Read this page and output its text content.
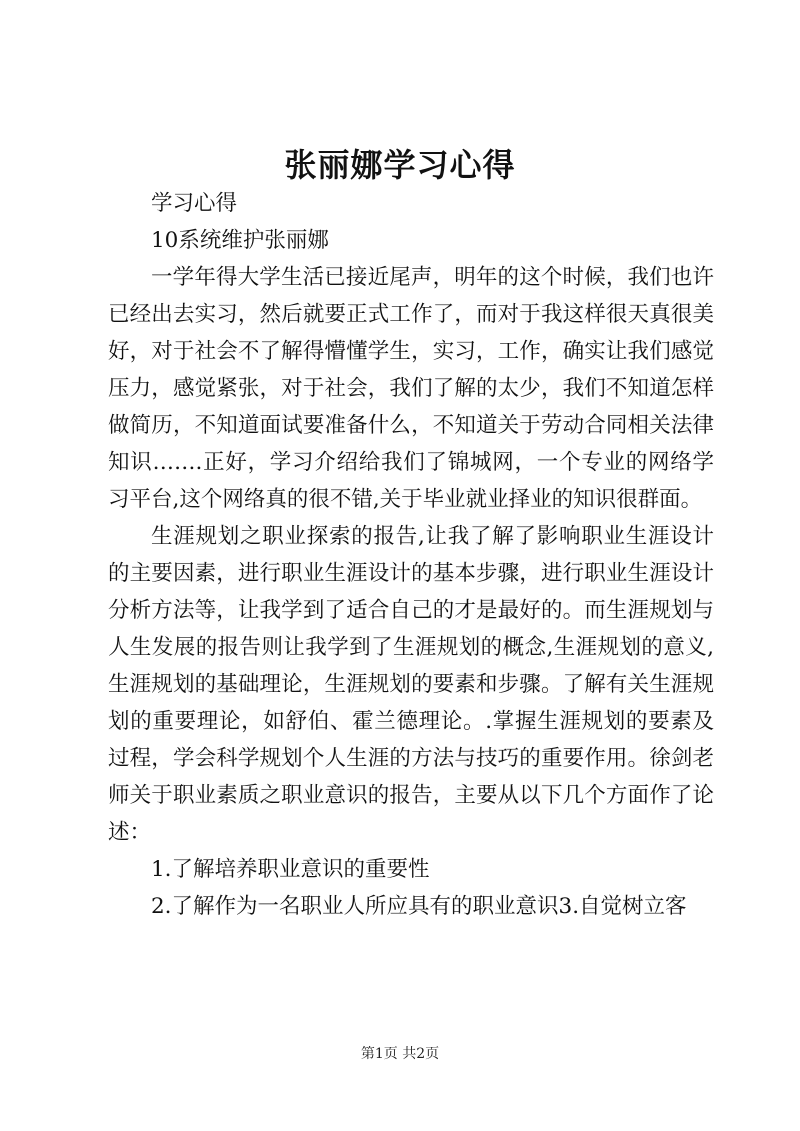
张丽娜学习心得

学习心得

10系统维护张丽娜

一学年得大学生活已接近尾声，明年的这个时候，我们也许已经出去实习，然后就要正式工作了，而对于我这样很天真很美好，对于社会不了解得懵懂学生，实习，工作，确实让我们感觉压力，感觉紧张，对于社会，我们了解的太少，我们不知道怎样做简历，不知道面试要准备什么，不知道关于劳动合同相关法律知识…….正好，学习介绍给我们了锦城网，一个专业的网络学习平台,这个网络真的很不错,关于毕业就业择业的知识很群面。

生涯规划之职业探索的报告,让我了解了影响职业生涯设计的主要因素，进行职业生涯设计的基本步骤，进行职业生涯设计分析方法等，让我学到了适合自己的才是最好的。而生涯规划与人生发展的报告则让我学到了生涯规划的概念,生涯规划的意义,生涯规划的基础理论，生涯规划的要素和步骤。了解有关生涯规划的重要理论，如舒伯、霍兰德理论。.掌握生涯规划的要素及过程，学会科学规划个人生涯的方法与技巧的重要作用。徐剑老师关于职业素质之职业意识的报告，主要从以下几个方面作了论述：

1.了解培养职业意识的重要性

2.了解作为一名职业人所应具有的职业意识3.自觉树立客

第1页 共2页
